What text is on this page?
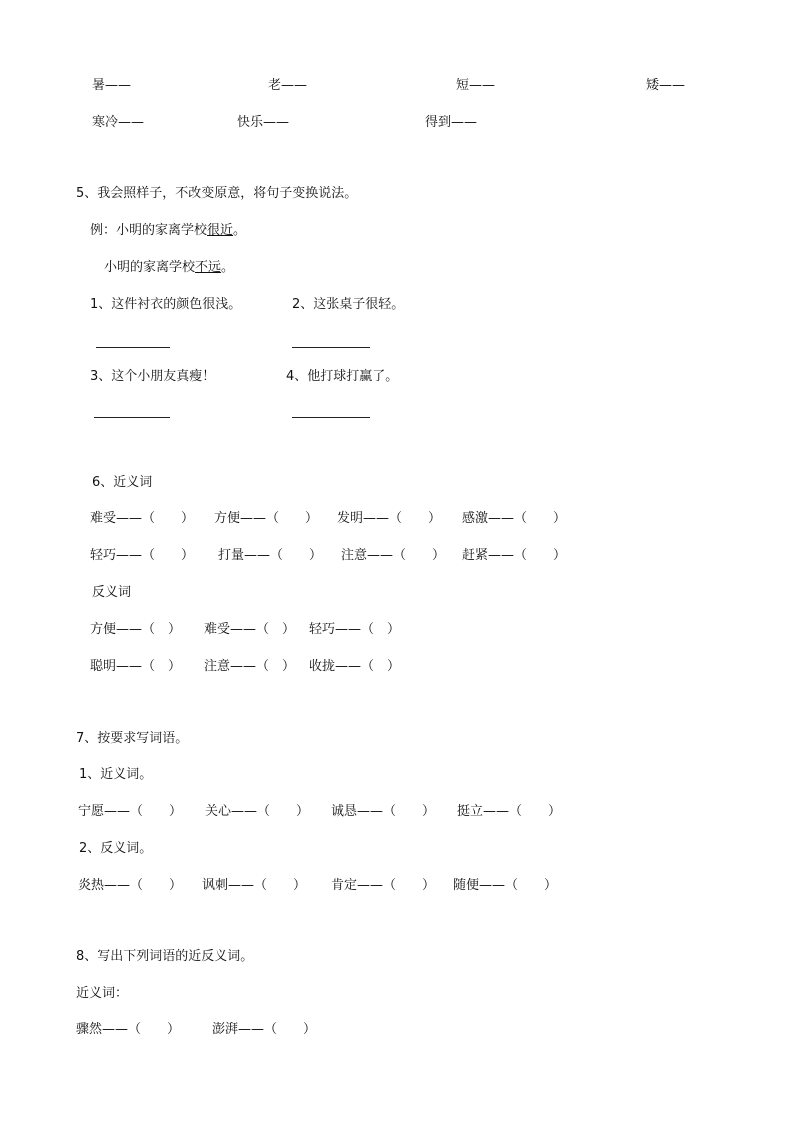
暑——	老——	短——	矮——
寒冷——	快乐——	得到——
5、我会照样子，不改变原意，将句子变换说法。
例：小明的家离学校很近。
小明的家离学校不远。
1、这件衬衣的颜色很浅。	2、这张桌子很轻。
3、这个小朋友真瘦！	4、他打球打赢了。
6、近义词
难受——（　　） 方便——（　　） 发明——（　　） 感激——（　　）
轻巧——（　　） 打量——（　　） 注意——（　　） 赶紧——（　　）
反义词
方便——（　） 难受——（　） 轻巧——（　）
聪明——（　） 注意——（　） 收拢——（　）
7、按要求写词语。
1、近义词。
宁愿——（　　） 关心——（　　） 诚恳——（　　） 挺立——（　　）
2、反义词。
炎热——（　　） 讽刺——（　　） 肯定——（　　） 随便——（　　）
8、写出下列词语的近反义词。
近义词：
骤然——（　　） 澎湃——（　　）
